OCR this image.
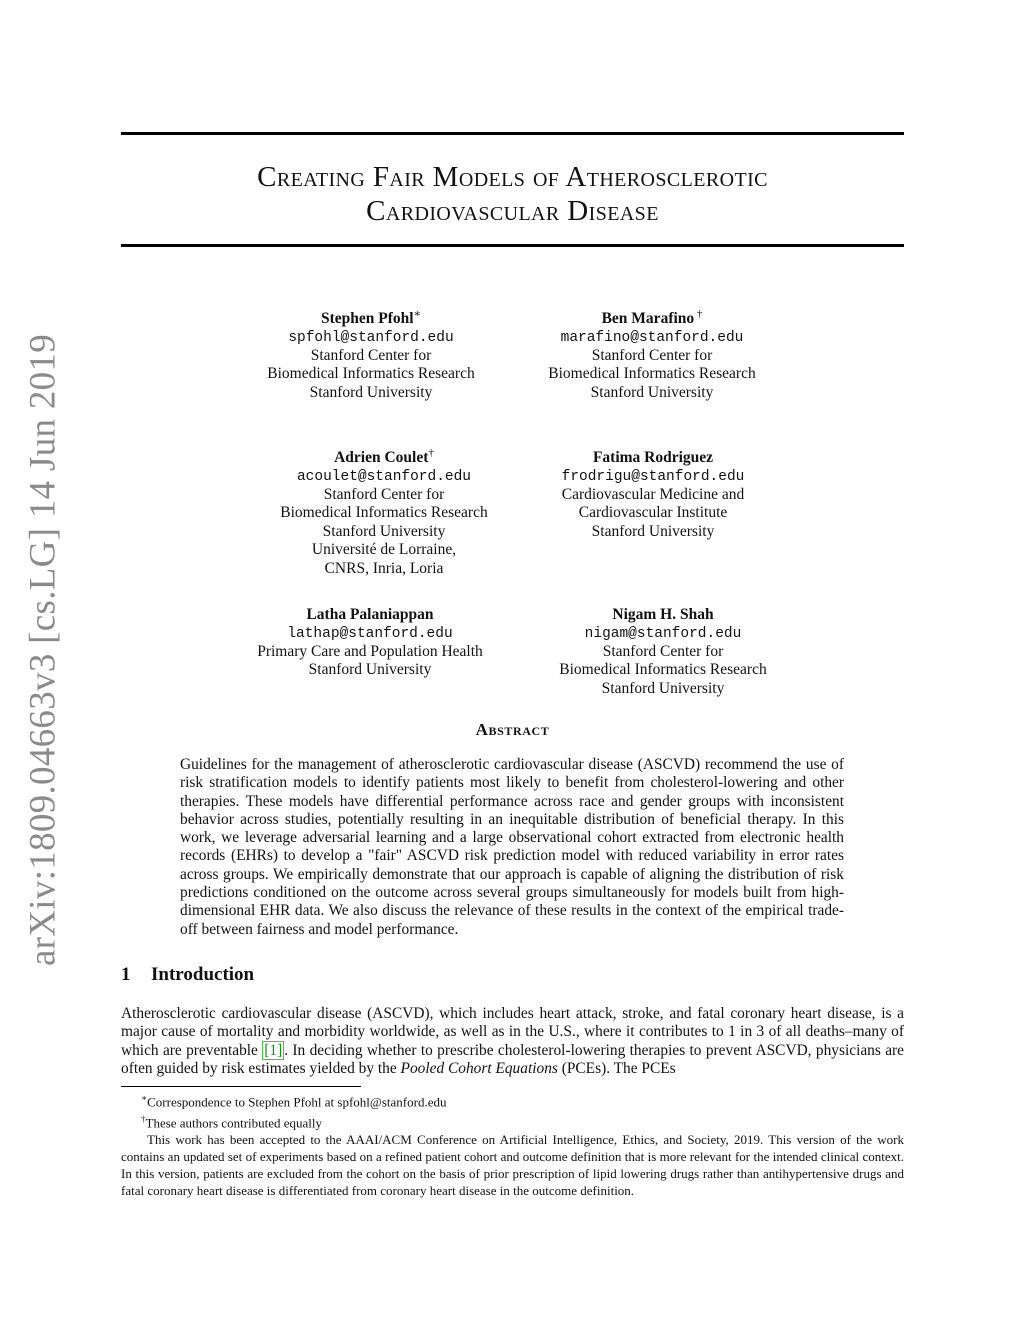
arXiv:1809.04663v3 [cs.LG] 14 Jun 2019
Creating Fair Models of Atherosclerotic
Cardiovascular Disease
Stephen Pfohl∗
spfohl@stanford.edu
Stanford Center for
Biomedical Informatics Research
Stanford University
Ben Marafino †
marafino@stanford.edu
Stanford Center for
Biomedical Informatics Research
Stanford University
Adrien Coulet†
acoulet@stanford.edu
Stanford Center for
Biomedical Informatics Research
Stanford University
Université de Lorraine,
CNRS, Inria, Loria
Fatima Rodriguez
frodrigu@stanford.edu
Cardiovascular Medicine and
Cardiovascular Institute
Stanford University
Latha Palaniappan
lathap@stanford.edu
Primary Care and Population Health
Stanford University
Nigam H. Shah
nigam@stanford.edu
Stanford Center for
Biomedical Informatics Research
Stanford University
Abstract
Guidelines for the management of atherosclerotic cardiovascular disease (ASCVD) recommend the use of risk stratification models to identify patients most likely to benefit from cholesterol-lowering and other therapies. These models have differential performance across race and gender groups with inconsistent behavior across studies, potentially resulting in an inequitable distribution of beneficial therapy. In this work, we leverage adversarial learning and a large observational cohort extracted from electronic health records (EHRs) to develop a "fair" ASCVD risk prediction model with reduced variability in error rates across groups. We empirically demonstrate that our approach is capable of aligning the distribution of risk predictions conditioned on the outcome across several groups simultaneously for models built from high-dimensional EHR data. We also discuss the relevance of these results in the context of the empirical trade-off between fairness and model performance.
1 Introduction
Atherosclerotic cardiovascular disease (ASCVD), which includes heart attack, stroke, and fatal coronary heart disease, is a major cause of mortality and morbidity worldwide, as well as in the U.S., where it contributes to 1 in 3 of all deaths–many of which are preventable [1] . In deciding whether to prescribe cholesterol-lowering therapies to prevent ASCVD, physicians are often guided by risk estimates yielded by the Pooled Cohort Equations (PCEs). The PCEs
∗Correspondence to Stephen Pfohl at spfohl@stanford.edu
†These authors contributed equally
This work has been accepted to the AAAI/ACM Conference on Artificial Intelligence, Ethics, and Society, 2019. This version of the work contains an updated set of experiments based on a refined patient cohort and outcome definition that is more relevant for the intended clinical context. In this version, patients are excluded from the cohort on the basis of prior prescription of lipid lowering drugs rather than antihypertensive drugs and fatal coronary heart disease is differentiated from coronary heart disease in the outcome definition.
